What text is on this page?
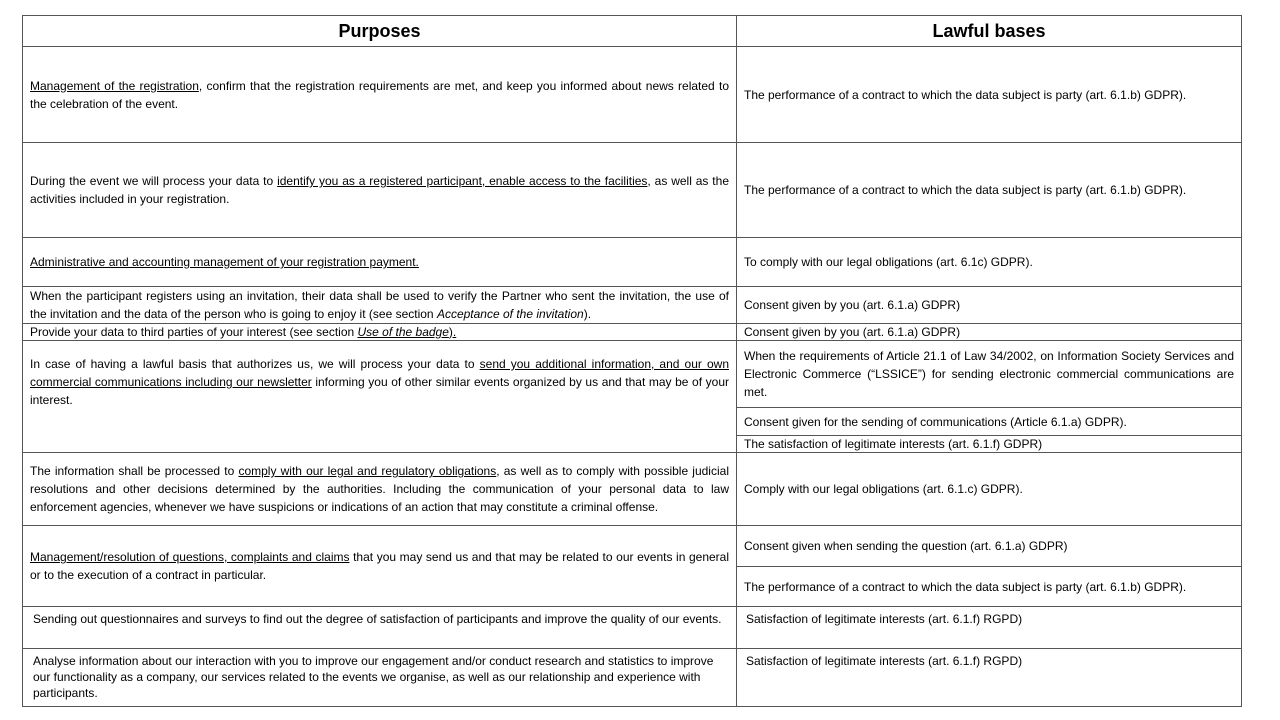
Purposes	Lawful bases
Management of the registration, confirm that the registration requirements are met, and keep you informed about news related to the celebration of the event.	The performance of a contract to which the data subject is party (art. 6.1.b) GDPR).
During the event we will process your data to identify you as a registered participant, enable access to the facilities, as well as the activities included in your registration.	The performance of a contract to which the data subject is party (art. 6.1.b) GDPR).
Administrative and accounting management of your registration payment.	To comply with our legal obligations (art. 6.1c) GDPR).
When the participant registers using an invitation, their data shall be used to verify the Partner who sent the invitation, the use of the invitation and the data of the person who is going to enjoy it (see section Acceptance of the invitation).	Consent given by you (art. 6.1.a) GDPR)
Provide your data to third parties of your interest (see section Use of the badge).	Consent given by you (art. 6.1.a) GDPR)
In case of having a lawful basis that authorizes us, we will process your data to send you additional information, and our own commercial communications including our newsletter informing you of other similar events organized by us and that may be of your interest.	When the requirements of Article 21.1 of Law 34/2002, on Information Society Services and Electronic Commerce (“LSSICE”) for sending electronic commercial communications are met.
	Consent given for the sending of communications (Article 6.1.a) GDPR).
	The satisfaction of legitimate interests (art. 6.1.f) GDPR)
The information shall be processed to comply with our legal and regulatory obligations, as well as to comply with possible judicial resolutions and other decisions determined by the authorities. Including the communication of your personal data to law enforcement agencies, whenever we have suspicions or indications of an action that may constitute a criminal offense.	Comply with our legal obligations (art. 6.1.c) GDPR).
Management/resolution of questions, complaints and claims that you may send us and that may be related to our events in general or to the execution of a contract in particular.	Consent given when sending the question (art. 6.1.a) GDPR)
	The performance of a contract to which the data subject is party (art. 6.1.b) GDPR).
Sending out questionnaires and surveys to find out the degree of satisfaction of participants and improve the quality of our events.	Satisfaction of legitimate interests (art. 6.1.f) RGPD)
Analyse information about our interaction with you to improve our engagement and/or conduct research and statistics to improve our functionality as a company, our services related to the events we organise, as well as our relationship and experience with participants.	Satisfaction of legitimate interests (art. 6.1.f) RGPD)
